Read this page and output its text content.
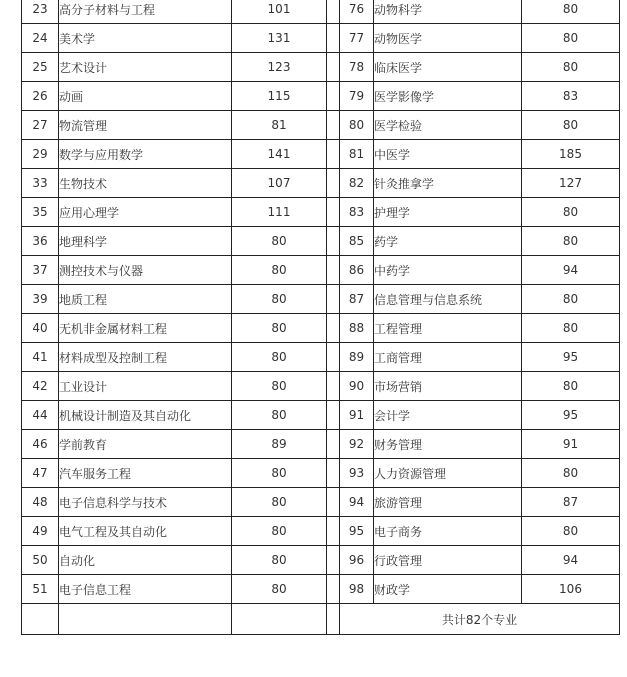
23	高分子材料与工程	101		76	动物科学	80
24	美术学	131		77	动物医学	80
25	艺术设计	123		78	临床医学	80
26	动画	115		79	医学影像学	83
27	物流管理	81		80	医学检验	80
29	数学与应用数学	141		81	中医学	185
33	生物技术	107		82	针灸推拿学	127
35	应用心理学	111		83	护理学	80
36	地理科学	80		85	药学	80
37	测控技术与仪器	80		86	中药学	94
39	地质工程	80		87	信息管理与信息系统	80
40	无机非金属材料工程	80		88	工程管理	80
41	材料成型及控制工程	80		89	工商管理	95
42	工业设计	80		90	市场营销	80
44	机械设计制造及其自动化	80		91	会计学	95
46	学前教育	89		92	财务管理	91
47	汽车服务工程	80		93	人力资源管理	80
48	电子信息科学与技术	80		94	旅游管理	87
49	电气工程及其自动化	80		95	电子商务	80
50	自动化	80		96	行政管理	94
51	电子信息工程	80		98	财政学	106
				共计82个专业		
